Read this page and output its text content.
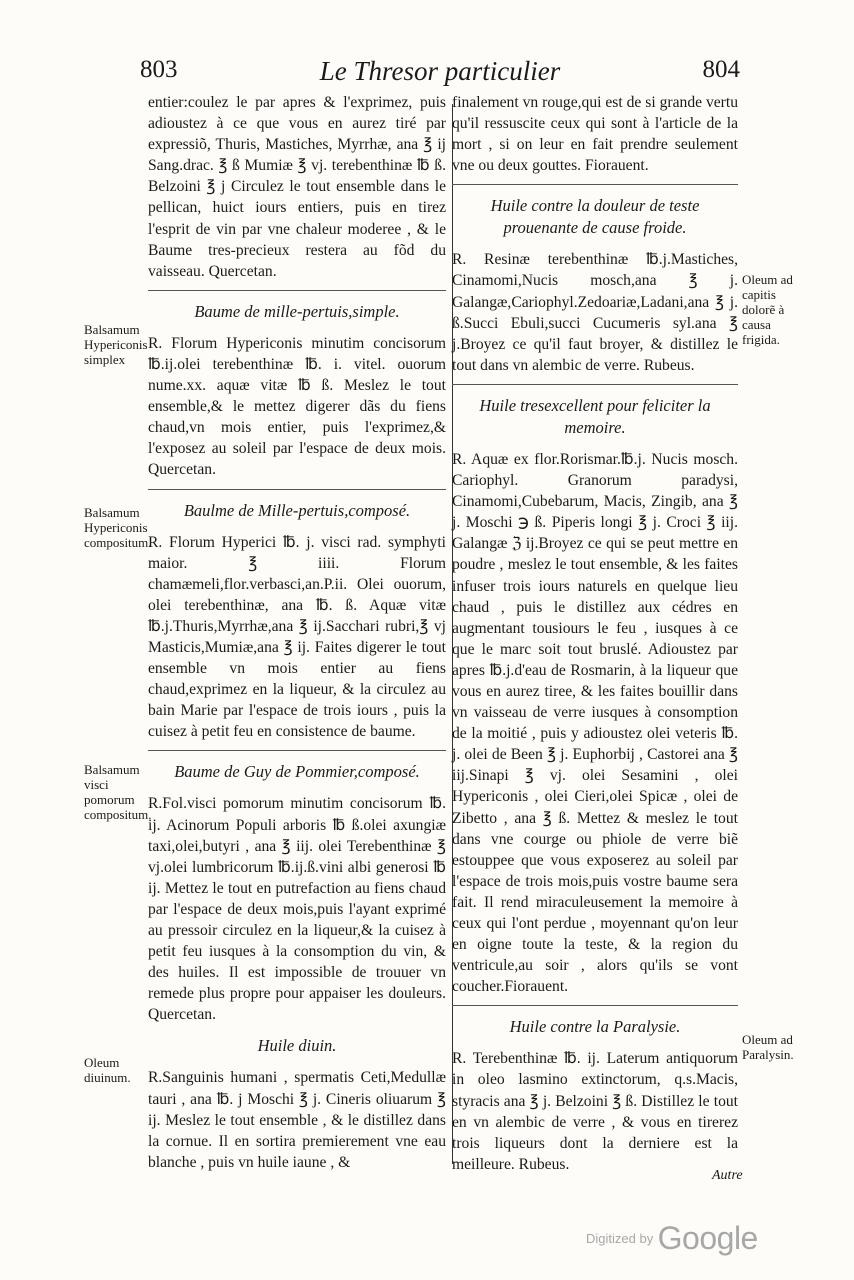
803	Le Thresor particulier	804

entier:coulez le par apres & l'exprimez, puis adioustez à ce que vous en aurez tiré par expressiõ, Thuris, Mastiches, Myrrhæ, ana ℥ ij Sang.drac. ℥ ß Mumiæ ℥ vj. terebenthinæ ℔ ß. Belzoini ℥ j Circulez le tout ensemble dans le pellican, huict iours entiers, puis en tirez l'esprit de vin par vne chaleur moderee , & le Baume tres-precieux restera au fõd du vaisseau. Quercetan.

Baume de mille-pertuis,simple.

R. Florum Hypericonis minutim concisorum ℔.ij.olei terebenthinæ ℔. i. vitel. ouorum nume.xx. aquæ vitæ ℔ ß. Meslez le tout ensemble,& le mettez digerer dãs du fiens chaud,vn mois entier, puis l'exprimez,& l'exposez au soleil par l'espace de deux mois. Quercetan.

Baulme de Mille-pertuis,composé.

R. Florum Hyperici ℔. j. visci rad. symphyti maior. ℥ iiii. Florum chamæmeli,flor.verbasci,an.P.ii. Olei ouorum, olei terebenthinæ, ana ℔. ß. Aquæ vitæ ℔.j.Thuris,Myrrhæ,ana ℥ ij.Sacchari rubri,℥ vj Masticis,Mumiæ,ana ℥ ij. Faites digerer le tout ensemble vn mois entier au fiens chaud,exprimez en la liqueur, & la circulez au bain Marie par l'espace de trois iours , puis la cuisez à petit feu en consistence de baume.

Baume de Guy de Pommier,composé.

R.Fol.visci pomorum minutim concisorum ℔. ij. Acinorum Populi arboris ℔ ß.olei axungiæ taxi,olei,butyri , ana ℥ iij. olei Terebenthinæ ℥ vj.olei lumbricorum ℔.ij.ß.vini albi generosi ℔ ij. Mettez le tout en putrefaction au fiens chaud par l'espace de deux mois,puis l'ayant exprimé au pressoir circulez en la liqueur,& la cuisez à petit feu iusques à la consomption du vin, & des huiles. Il est impossible de trouuer vn remede plus propre pour appaiser les douleurs. Quercetan.

Huile diuin.

R.Sanguinis humani , spermatis Ceti,Medullæ tauri , ana ℔. j Moschi ℥ j. Cineris oliuarum ℥ ij. Meslez le tout ensemble , & le distillez dans la cornue. Il en sortira premierement vne eau blanche , puis vn huile iaune , &

finalement vn rouge,qui est de si grande vertu qu'il ressuscite ceux qui sont à l'article de la mort , si on leur en fait prendre seulement vne ou deux gouttes. Fiorauent.

Huile contre la douleur de teste prouenante de cause froide.

R. Resinæ terebenthinæ ℔.j.Mastiches, Cinamomi,Nucis mosch,ana ℥ j. Galangæ,Cariophyl.Zedoariæ,Ladani,ana ℥ j. ß.Succi Ebuli,succi Cucumeris syl.ana ℥ j.Broyez ce qu'il faut broyer, & distillez le tout dans vn alembic de verre. Rubeus.

Huile tresexcellent pour feliciter la memoire.

R. Aquæ ex flor.Rorismar.℔.j. Nucis mosch. Cariophyl. Granorum paradysi, Cinamomi,Cubebarum, Macis, Zingib, ana ℥ j. Moschi ℈ ß. Piperis longi ℥ j. Croci ℥ iij. Galangæ ℨ ij.Broyez ce qui se peut mettre en poudre , meslez le tout ensemble, & les faites infuser trois iours naturels en quelque lieu chaud , puis le distillez aux cédres en augmentant tousiours le feu , iusques à ce que le marc soit tout bruslé. Adioustez par apres ℔.j.d'eau de Rosmarin, à la liqueur que vous en aurez tiree, & les faites bouillir dans vn vaisseau de verre iusques à consomption de la moitié , puis y adioustez olei veteris ℔. j. olei de Been ℥ j. Euphorbij , Castorei ana ℥ iij.Sinapi ℥ vj. olei Sesamini , olei Hypericonis , olei Cieri,olei Spicæ , olei de Zibetto , ana ℥ ß. Mettez & meslez le tout dans vne courge ou phiole de verre biẽ estouppee que vous exposerez au soleil par l'espace de trois mois,puis vostre baume sera fait. Il rend miraculeusement la memoire à ceux qui l'ont perdue , moyennant qu'on leur en oigne toute la teste, & la region du ventricule,au soir , alors qu'ils se vont coucher.Fiorauent.

Huile contre la Paralysie.

R. Terebenthinæ ℔. ij. Laterum antiquorum in oleo lasmino extinctorum, q.s.Macis, styracis ana ℥ j. Belzoini ℥ ß. Distillez le tout en vn alembic de verre , & vous en tirerez trois liqueurs dont la derniere est la meilleure. Rubeus.

Balsamum Hypericonis simplex
Balsamum Hypericonis compositum.
Balsamum visci pomorum compositum.
Oleum diuinum.
Oleum ad capitis dolorẽ à causa frigida.
Oleum ad Paralysin.
Autre
Digitized by Google
